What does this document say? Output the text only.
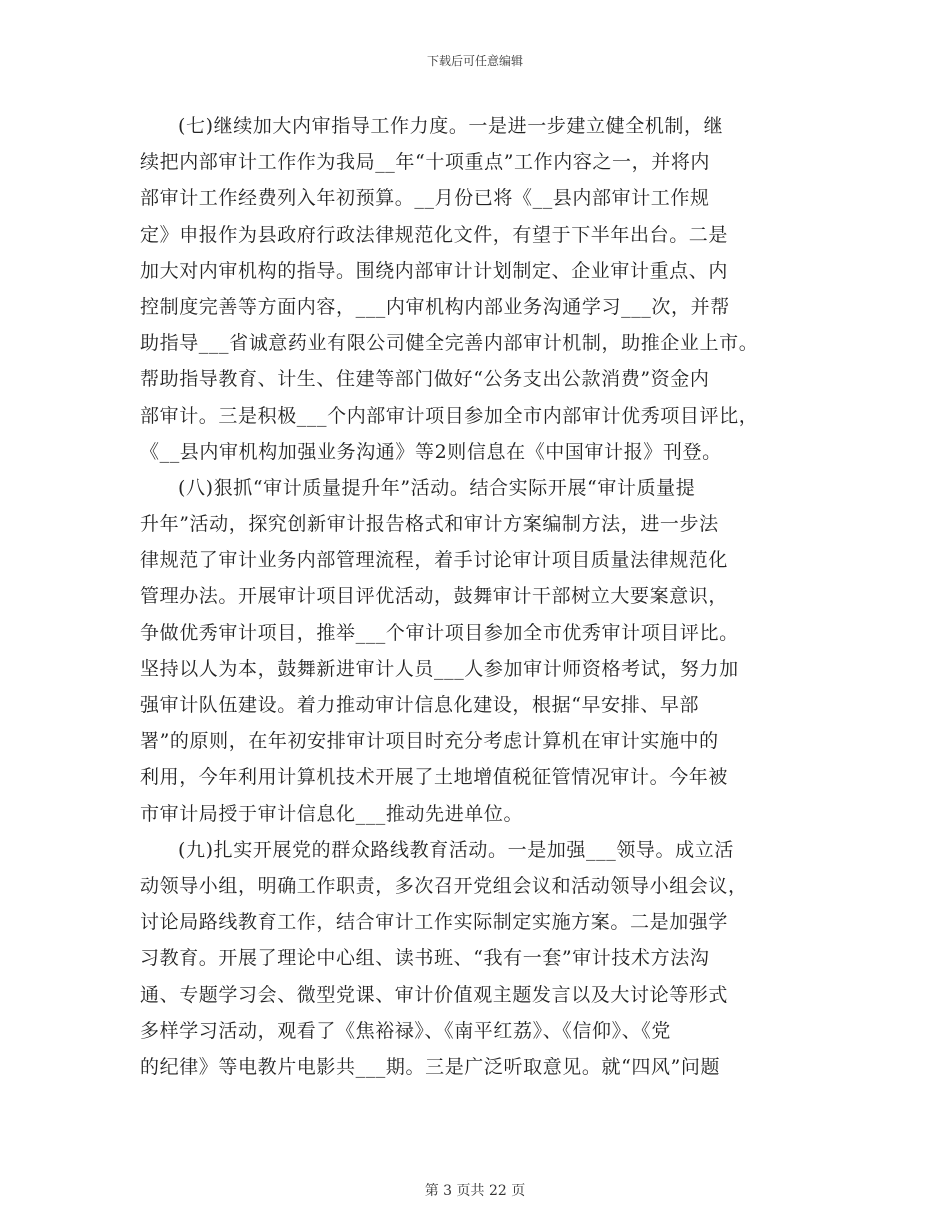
下载后可任意编辑
(七)继续加大内审指导工作力度。一是进一步建立健全机制，继
续把内部审计工作作为我局__年“十项重点”工作内容之一，并将内
部审计工作经费列入年初预算。__月份已将《__县内部审计工作规
定》申报作为县政府行政法律规范化文件，有望于下半年出台。二是
加大对内审机构的指导。围绕内部审计计划制定、企业审计重点、内
控制度完善等方面内容，___内审机构内部业务沟通学习___次，并帮
助指导___省诚意药业有限公司健全完善内部审计机制，助推企业上市。
帮助指导教育、计生、住建等部门做好“公务支出公款消费”资金内
部审计。三是积极___个内部审计项目参加全市内部审计优秀项目评比，
《__县内审机构加强业务沟通》等2则信息在《中国审计报》刊登。
(八)狠抓“审计质量提升年”活动。结合实际开展“审计质量提
升年”活动，探究创新审计报告格式和审计方案编制方法，进一步法
律规范了审计业务内部管理流程，着手讨论审计项目质量法律规范化
管理办法。开展审计项目评优活动，鼓舞审计干部树立大要案意识，
争做优秀审计项目，推举___个审计项目参加全市优秀审计项目评比。
坚持以人为本，鼓舞新进审计人员___人参加审计师资格考试，努力加
强审计队伍建设。着力推动审计信息化建设，根据“早安排、早部
署”的原则，在年初安排审计项目时充分考虑计算机在审计实施中的
利用，今年利用计算机技术开展了土地增值税征管情况审计。今年被
市审计局授于审计信息化___推动先进单位。
(九)扎实开展党的群众路线教育活动。一是加强___领导。成立活
动领导小组，明确工作职责，多次召开党组会议和活动领导小组会议，
讨论局路线教育工作，结合审计工作实际制定实施方案。二是加强学
习教育。开展了理论中心组、读书班、“我有一套”审计技术方法沟
通、专题学习会、微型党课、审计价值观主题发言以及大讨论等形式
多样学习活动，观看了《焦裕禄》、《南平红荔》、《信仰》、《党
的纪律》等电教片电影共___期。三是广泛听取意见。就“四风”问题
第 3 页共 22 页
